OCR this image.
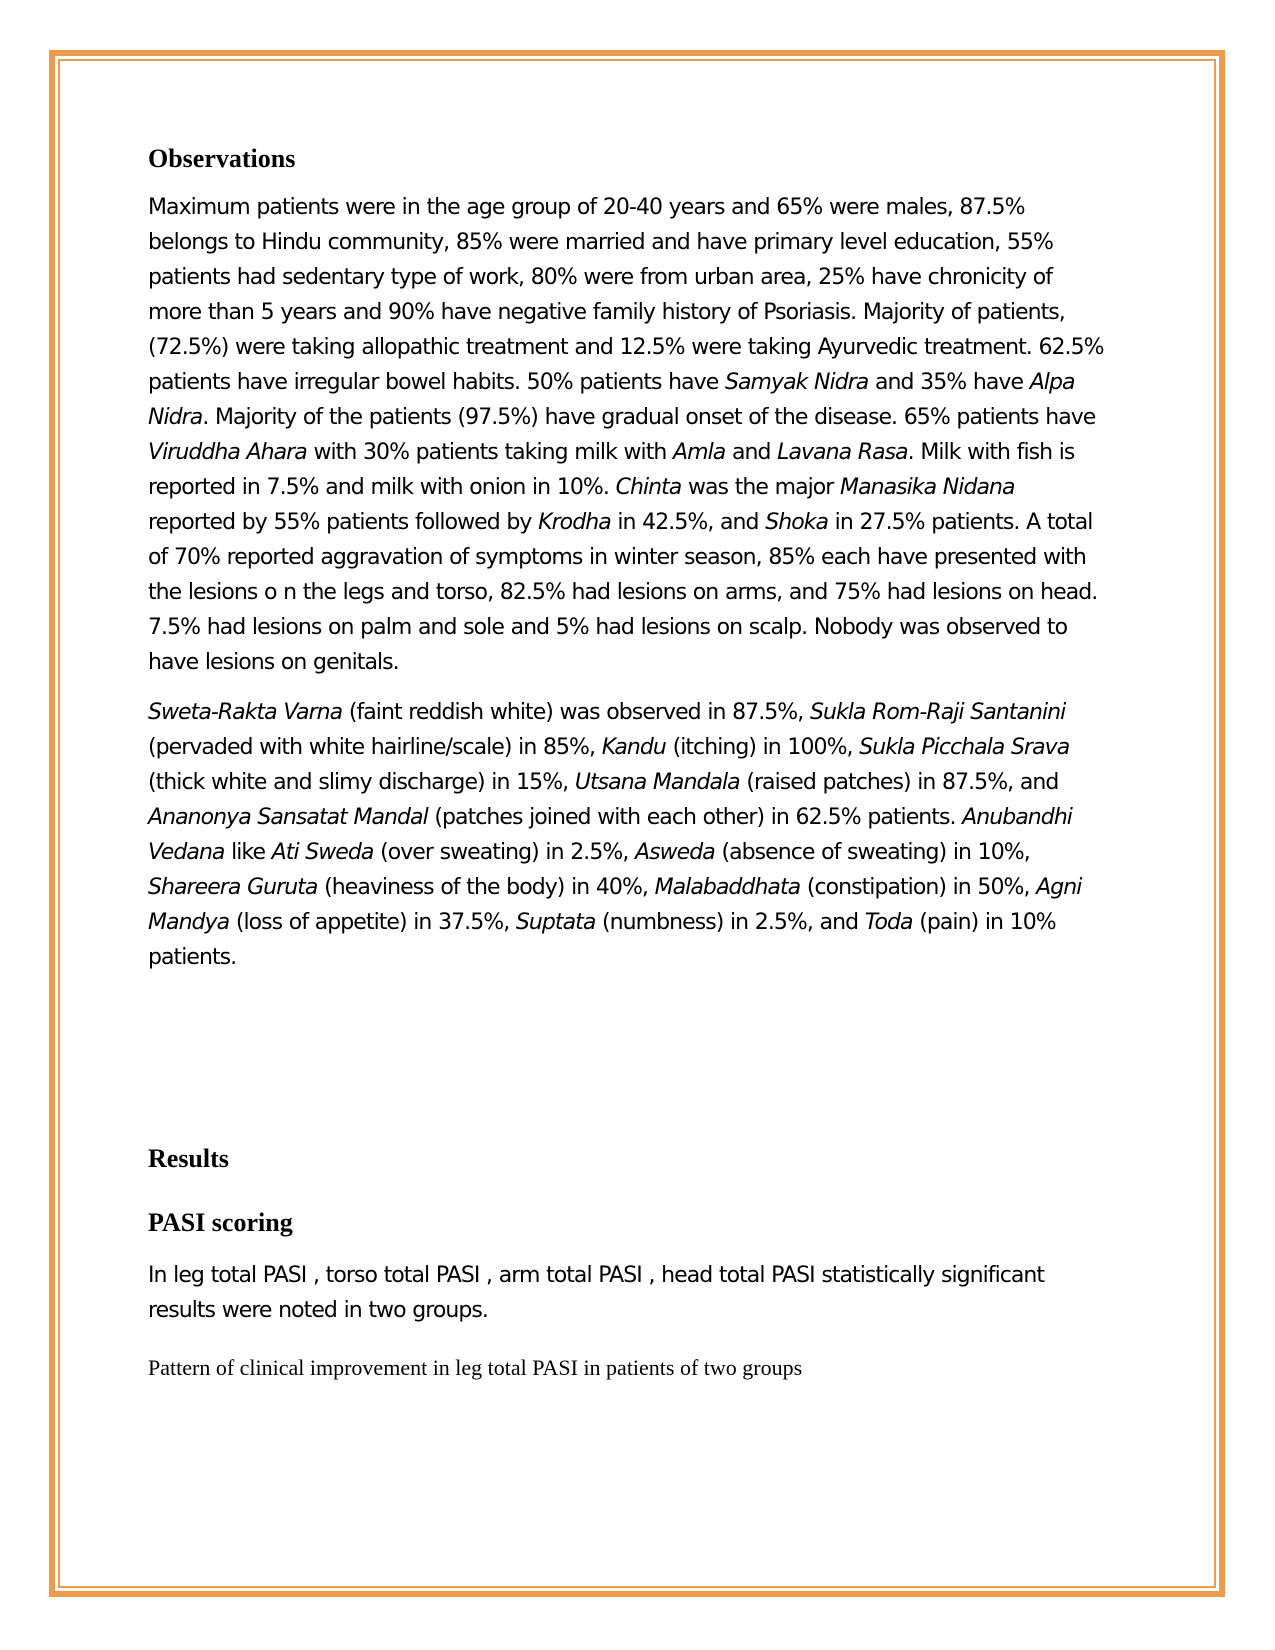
Observations

Maximum patients were in the age group of 20-40 years and 65% were males, 87.5% belongs to Hindu community, 85% were married and have primary level education, 55% patients had sedentary type of work, 80% were from urban area, 25% have chronicity of more than 5 years and 90% have negative family history of Psoriasis. Majority of patients, (72.5%) were taking allopathic treatment and 12.5% were taking Ayurvedic treatment. 62.5% patients have irregular bowel habits. 50% patients have Samyak Nidra and 35% have Alpa Nidra. Majority of the patients (97.5%) have gradual onset of the disease. 65% patients have Viruddha Ahara with 30% patients taking milk with Amla and Lavana Rasa. Milk with fish is reported in 7.5% and milk with onion in 10%. Chinta was the major Manasika Nidana reported by 55% patients followed by Krodha in 42.5%, and Shoka in 27.5% patients. A total of 70% reported aggravation of symptoms in winter season, 85% each have presented with the lesions o n the legs and torso, 82.5% had lesions on arms, and 75% had lesions on head. 7.5% had lesions on palm and sole and 5% had lesions on scalp. Nobody was observed to have lesions on genitals.

Sweta-Rakta Varna (faint reddish white) was observed in 87.5%, Sukla Rom-Raji Santanini (pervaded with white hairline/scale) in 85%, Kandu (itching) in 100%, Sukla Picchala Srava (thick white and slimy discharge) in 15%, Utsana Mandala (raised patches) in 87.5%, and Ananonya Sansatat Mandal (patches joined with each other) in 62.5% patients. Anubandhi Vedana like Ati Sweda (over sweating) in 2.5%, Asweda (absence of sweating) in 10%, Shareera Guruta (heaviness of the body) in 40%, Malabaddhata (constipation) in 50%, Agni Mandya (loss of appetite) in 37.5%, Suptata (numbness) in 2.5%, and Toda (pain) in 10% patients.

Results
PASI scoring

In leg total PASI , torso total PASI , arm total PASI , head total PASI statistically significant results were noted in two groups.

Pattern of clinical improvement in leg total PASI in patients of two groups
